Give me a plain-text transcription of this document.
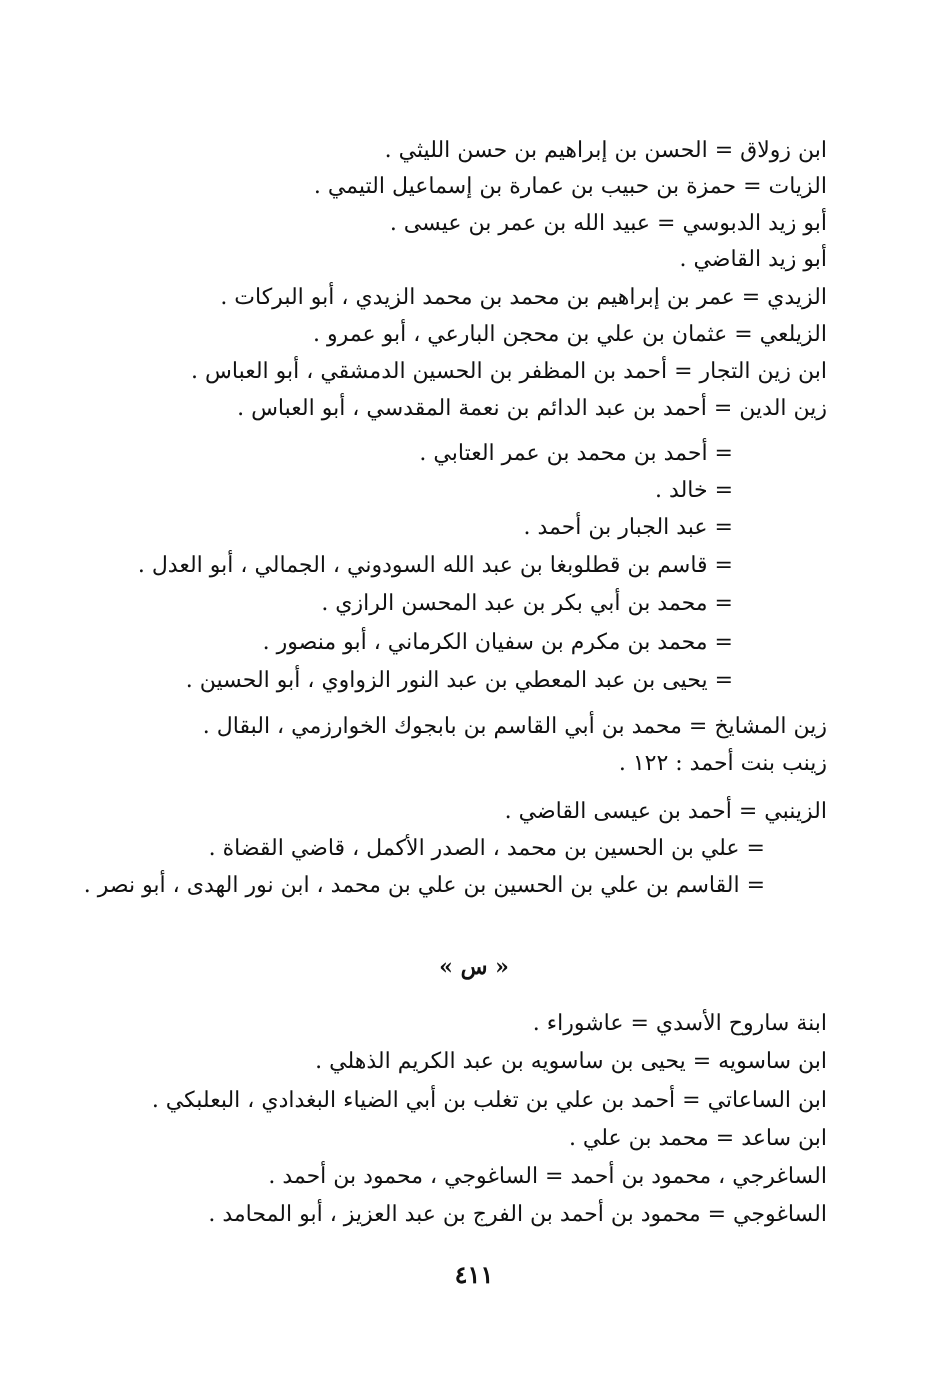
ابن زولاق = الحسن بن إبراهيم بن حسن الليثي .
الزيات = حمزة بن حبيب بن عمارة بن إسماعيل التيمي .
أبو زيد الدبوسي = عبيد الله بن عمر بن عيسى .
أبو زيد القاضي .
الزيدي = عمر بن إبراهيم بن محمد بن محمد الزيدي ، أبو البركات .
الزيلعي = عثمان بن علي بن محجن البارعي ، أبو عمرو .
ابن زين التجار = أحمد بن المظفر بن الحسين الدمشقي ، أبو العباس .
زين الدين = أحمد بن عبد الدائم بن نعمة المقدسي ، أبو العباس .
= أحمد بن محمد بن عمر العتابي .
= خالد .
= عبد الجبار بن أحمد .
= قاسم بن قطلوبغا بن عبد الله السودوني ، الجمالي ، أبو العدل .
= محمد بن أبي بكر بن عبد المحسن الرازي .
= محمد بن مكرم بن سفيان الكرماني ، أبو منصور .
= يحيى بن عبد المعطي بن عبد النور الزواوي ، أبو الحسين .
زين المشايخ = محمد بن أبي القاسم بن بابجوك الخوارزمي ، البقال .
زينب بنت أحمد : ١٢٢ .
الزينبي = أحمد بن عيسى القاضي .
= علي بن الحسين بن محمد ، الصدر الأكمل ، قاضي القضاة .
= القاسم بن علي بن الحسين بن علي بن محمد ، ابن نور الهدى ، أبو نصر .
« س »
ابنة ساروح الأسدي = عاشوراء .
ابن ساسويه = يحيى بن ساسويه بن عبد الكريم الذهلي .
ابن الساعاتي = أحمد بن علي بن تغلب بن أبي الضياء البغدادي ، البعلبكي .
ابن ساعد = محمد بن علي .
الساغرجي ، محمود بن أحمد = الساغوجي ، محمود بن أحمد .
الساغوجي = محمود بن أحمد بن الفرج بن عبد العزيز ، أبو المحامد .
٤١١
